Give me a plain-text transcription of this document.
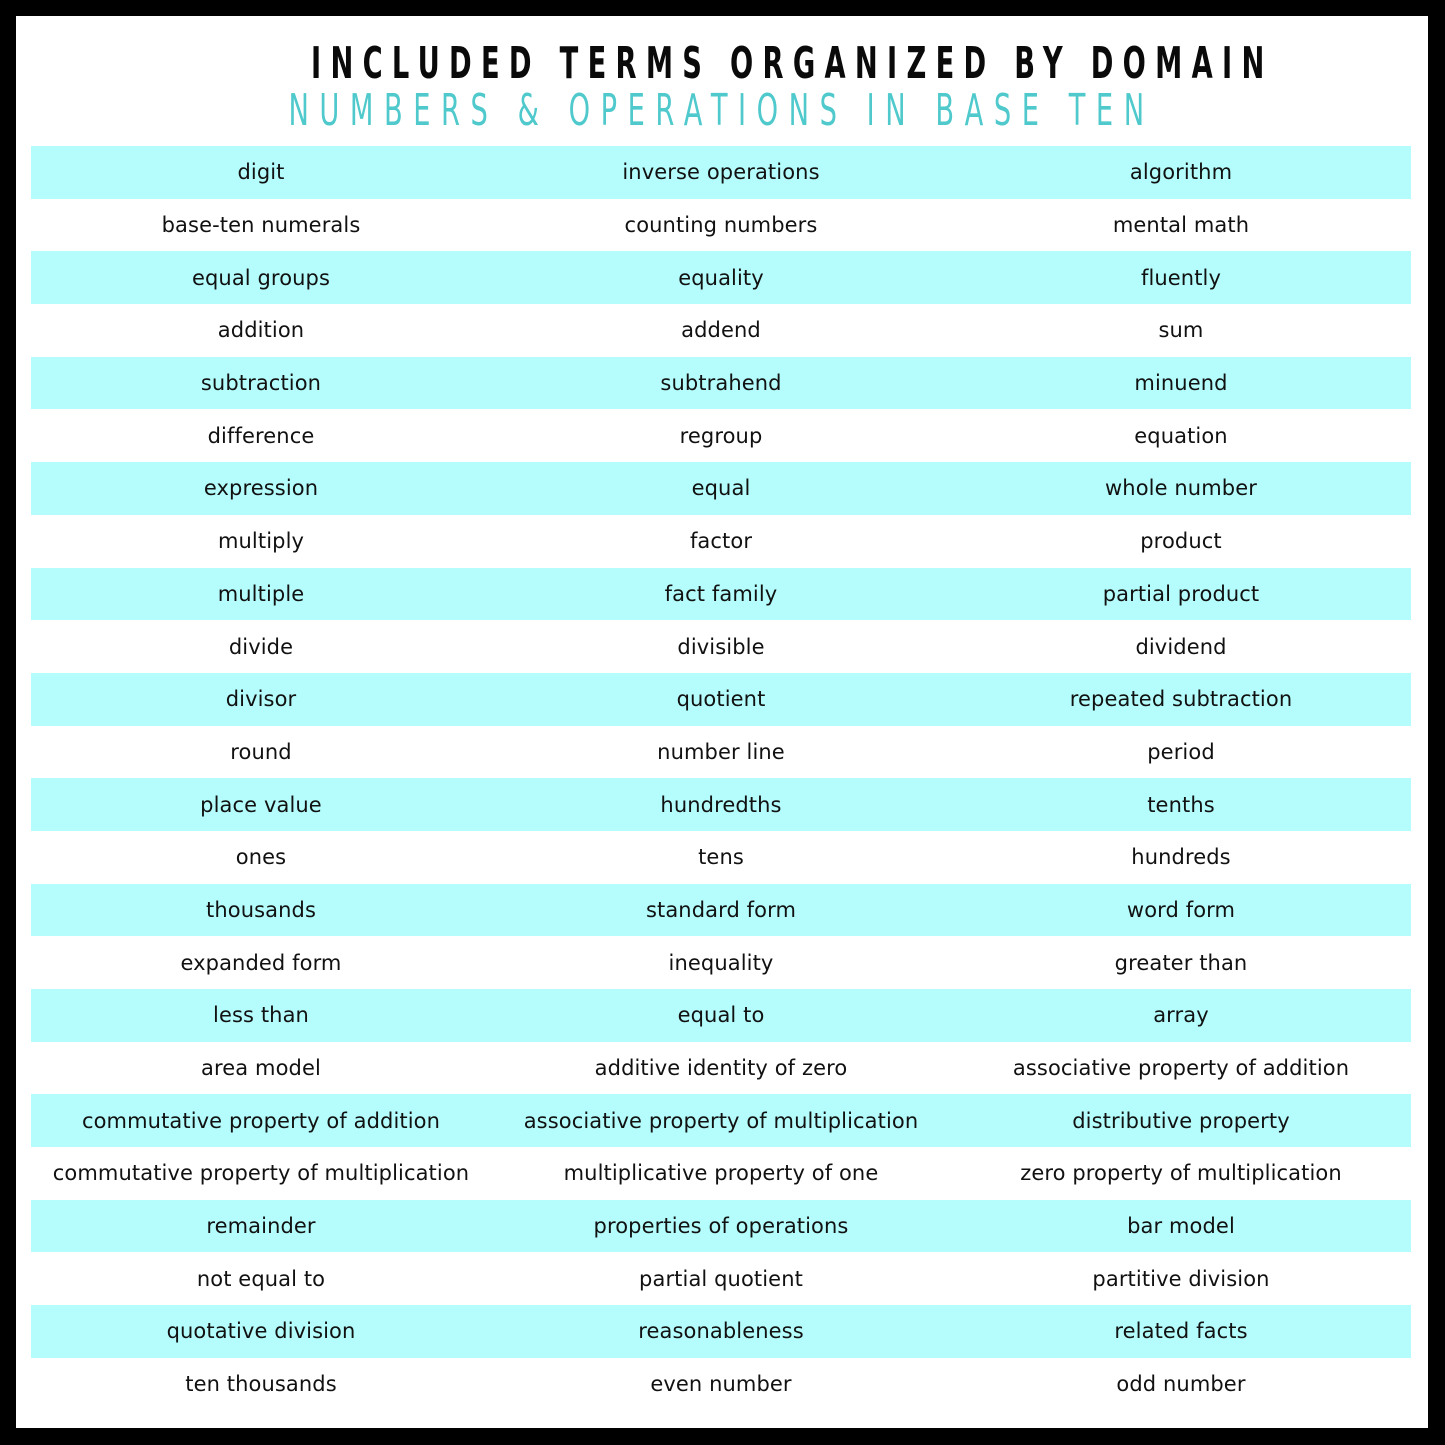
INCLUDED TERMS ORGANIZED BY DOMAIN
NUMBERS & OPERATIONS IN BASE TEN
digit	inverse operations	algorithm
base-ten numerals	counting numbers	mental math
equal groups	equality	fluently
addition	addend	sum
subtraction	subtrahend	minuend
difference	regroup	equation
expression	equal	whole number
multiply	factor	product
multiple	fact family	partial product
divide	divisible	dividend
divisor	quotient	repeated subtraction
round	number line	period
place value	hundredths	tenths
ones	tens	hundreds
thousands	standard form	word form
expanded form	inequality	greater than
less than	equal to	array
area model	additive identity of zero	associative property of addition
commutative property of addition	associative property of multiplication	distributive property
commutative property of multiplication	multiplicative property of one	zero property of multiplication
remainder	properties of operations	bar model
not equal to	partial quotient	partitive division
quotative division	reasonableness	related facts
ten thousands	even number	odd number
